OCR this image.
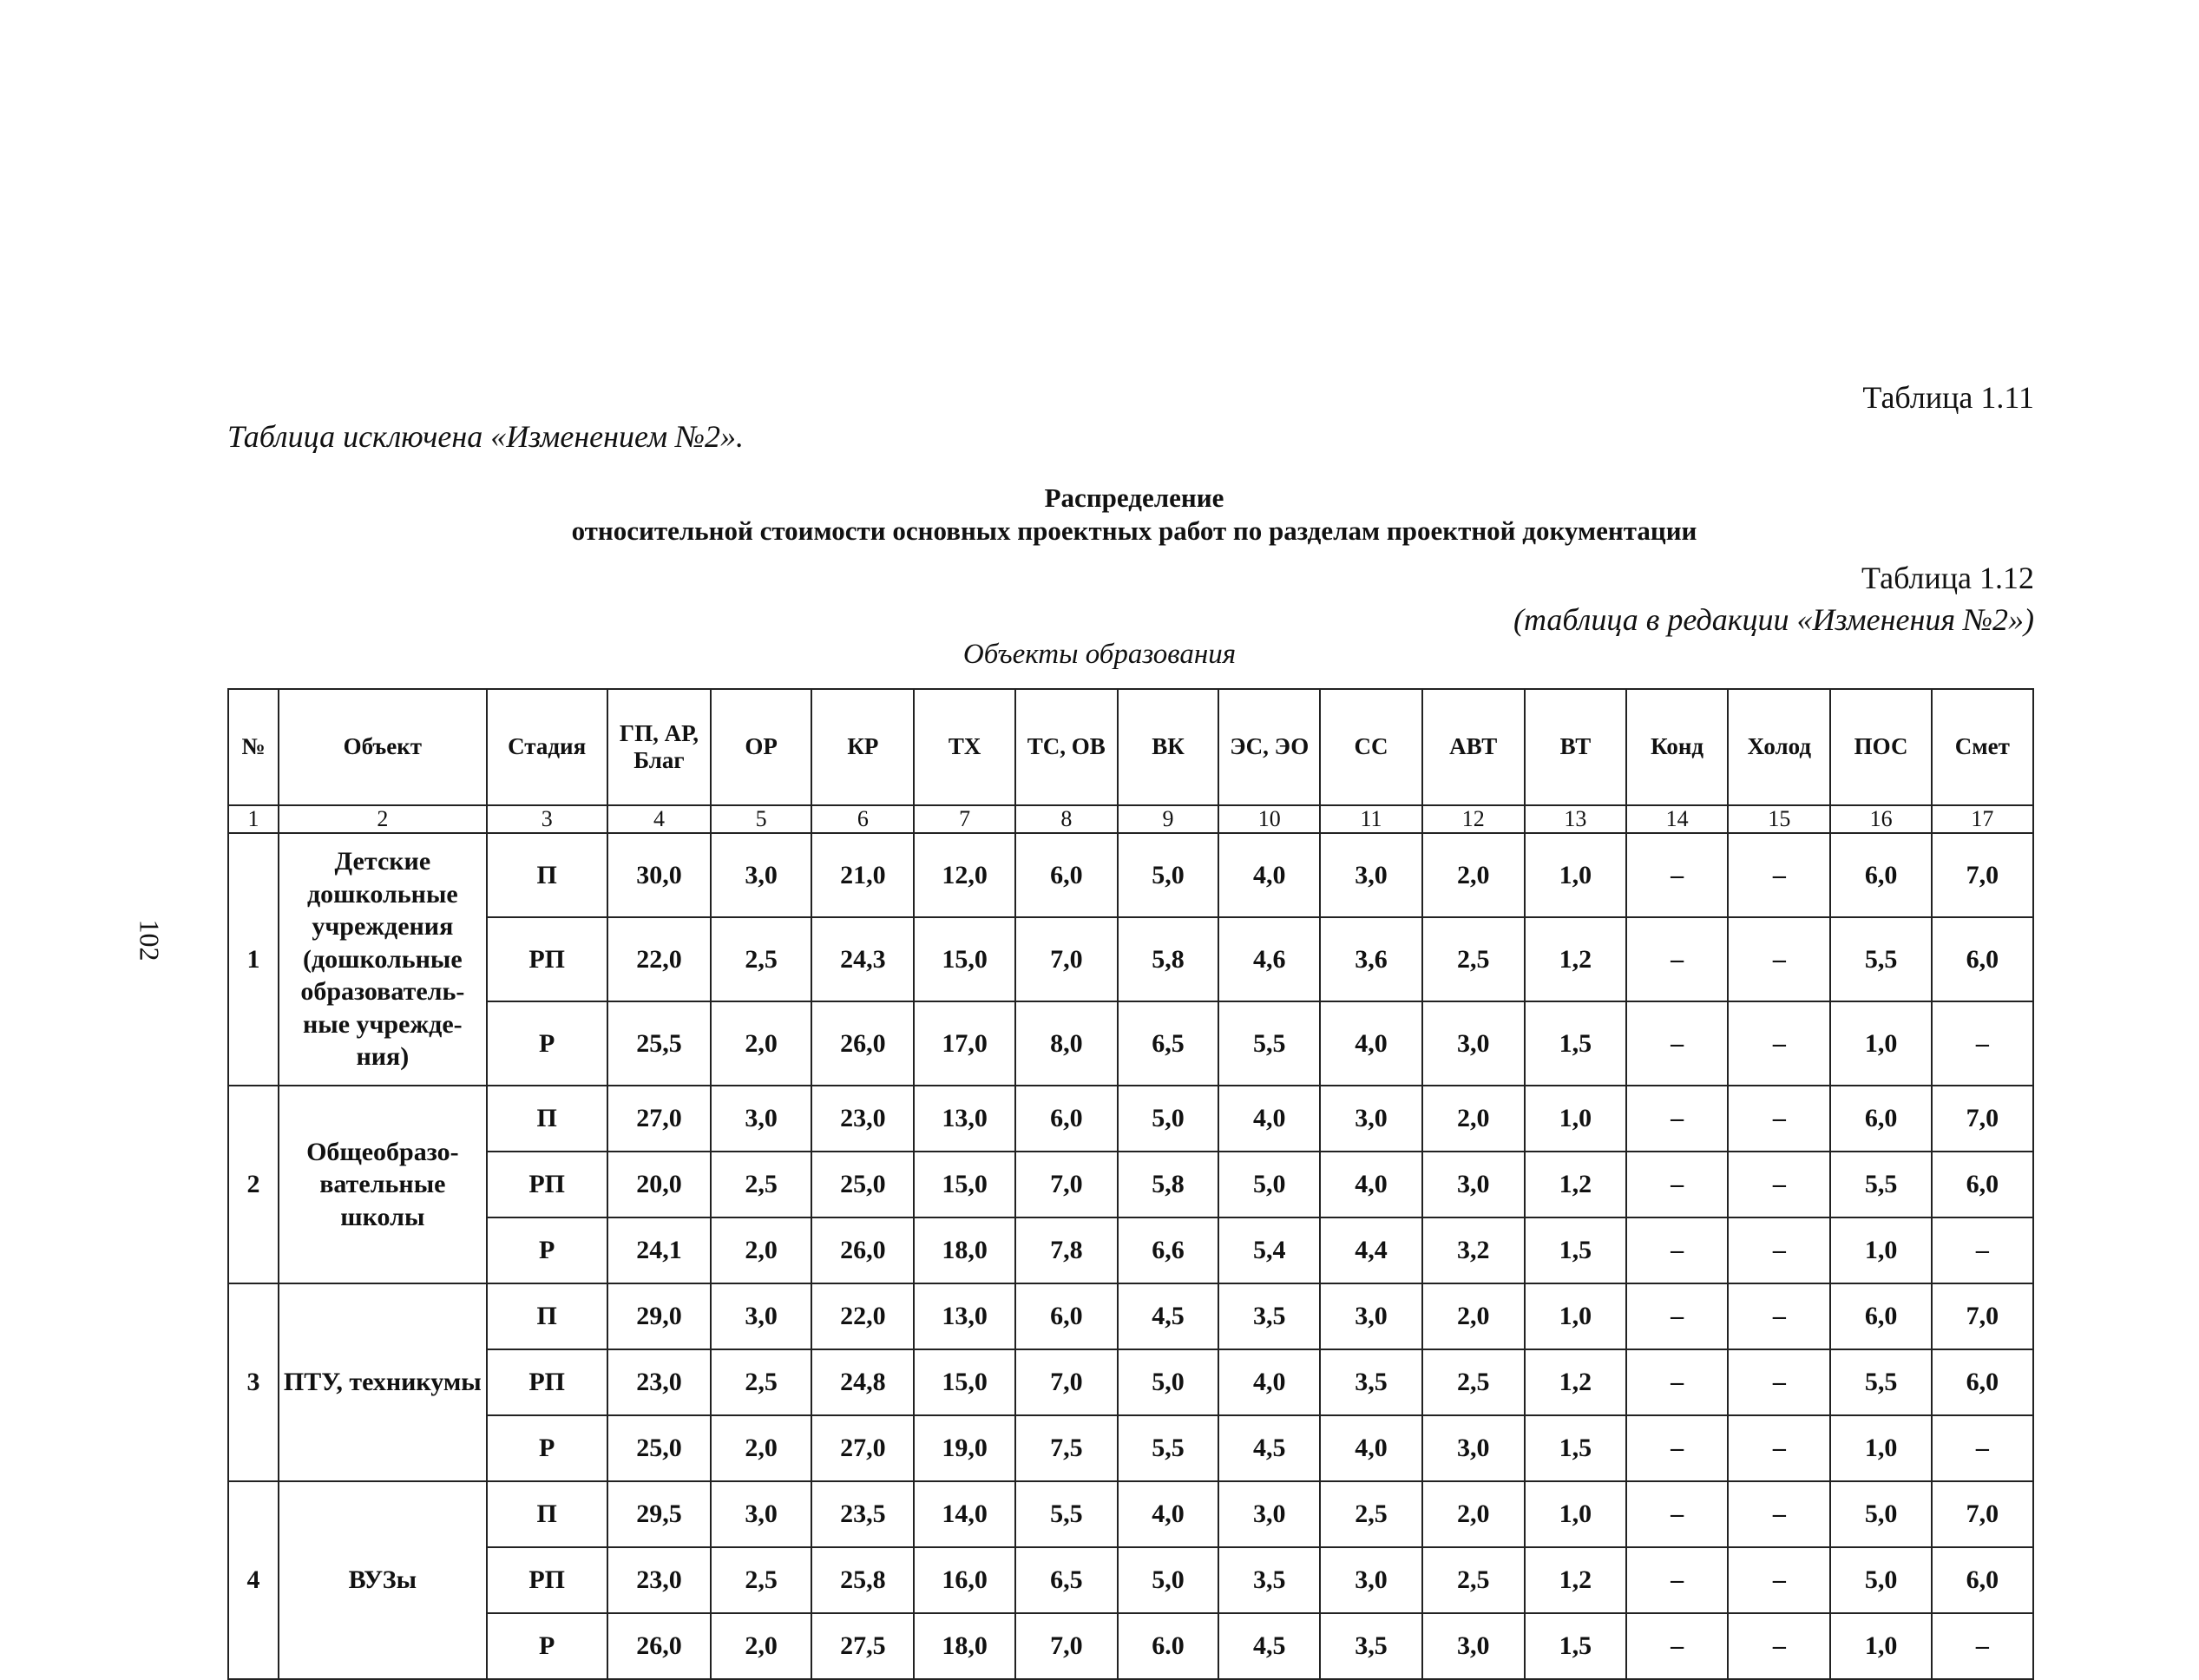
102
Таблица 1.11
Таблица исключена «Изменением №2».
Распределение
относительной стоимости основных проектных работ по разделам проектной документации
Таблица 1.12
(таблица в редакции «Изменения №2»)
Объекты образования
№	Объект	Стадия	ГП, АР, Благ	ОР	КР	ТХ	ТС, ОВ	ВК	ЭС, ЭО	СС	АВТ	ВТ	Конд	Холод	ПОС	Смет
1	2	3	4	5	6	7	8	9	10	11	12	13	14	15	16	17
1	Детские дошкольные учреждения (дошкольные образователь-ные учрежде-ния)	П	30,0	3,0	21,0	12,0	6,0	5,0	4,0	3,0	2,0	1,0	–	–	6,0	7,0
		РП	22,0	2,5	24,3	15,0	7,0	5,8	4,6	3,6	2,5	1,2	–	–	5,5	6,0
		Р	25,5	2,0	26,0	17,0	8,0	6,5	5,5	4,0	3,0	1,5	–	–	1,0	–
2	Общеобразо-вательные школы	П	27,0	3,0	23,0	13,0	6,0	5,0	4,0	3,0	2,0	1,0	–	–	6,0	7,0
		РП	20,0	2,5	25,0	15,0	7,0	5,8	5,0	4,0	3,0	1,2	–	–	5,5	6,0
		Р	24,1	2,0	26,0	18,0	7,8	6,6	5,4	4,4	3,2	1,5	–	–	1,0	–
3	ПТУ, техникумы	П	29,0	3,0	22,0	13,0	6,0	4,5	3,5	3,0	2,0	1,0	–	–	6,0	7,0
		РП	23,0	2,5	24,8	15,0	7,0	5,0	4,0	3,5	2,5	1,2	–	–	5,5	6,0
		Р	25,0	2,0	27,0	19,0	7,5	5,5	4,5	4,0	3,0	1,5	–	–	1,0	–
4	ВУЗы	П	29,5	3,0	23,5	14,0	5,5	4,0	3,0	2,5	2,0	1,0	–	–	5,0	7,0
		РП	23,0	2,5	25,8	16,0	6,5	5,0	3,5	3,0	2,5	1,2	–	–	5,0	6,0
		Р	26,0	2,0	27,5	18,0	7,0	6.0	4,5	3,5	3,0	1,5	–	–	1,0	–
